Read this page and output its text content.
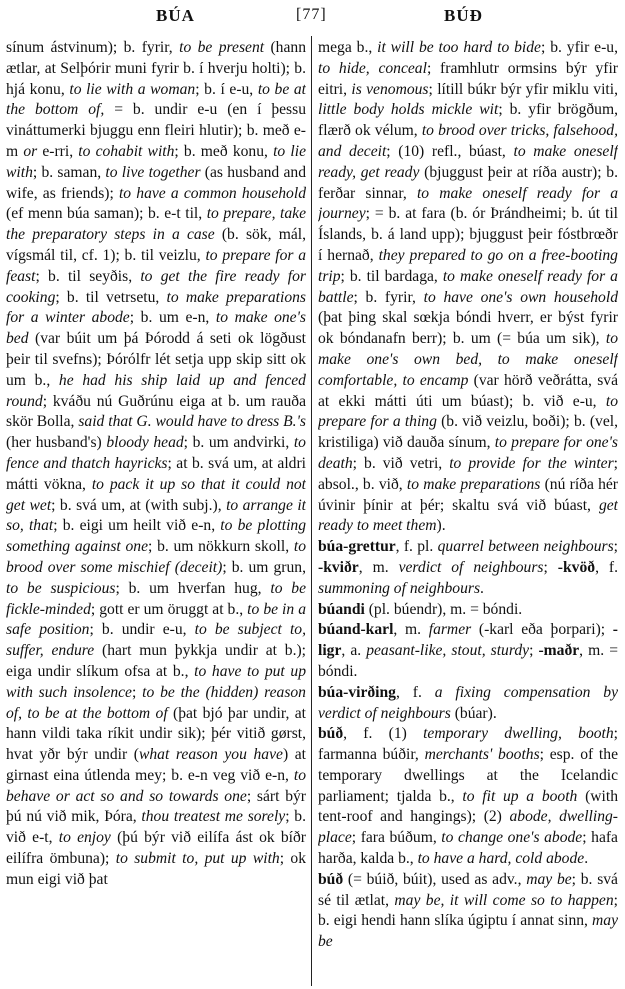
BÚA	[77]	BÚÐ

sínum ástvinum); b. fyrir, to be present (hann ætlar, at Selþórir muni fyrir b. í hverju holti); b. hjá konu, to lie with a woman; b. í e-u, to be at the bottom of, = b. undir e-u (en í þessu vináttumerki bjuggu enn fleiri hlutir); b. með e-m or e-rri, to cohabit with; b. með konu, to lie with; b. saman, to live together (as husband and wife, as friends); to have a common household (ef menn búa saman); b. e-t til, to prepare, take the preparatory steps in a case (b. sök, mál, vígsmál til, cf. 1); b. til veizlu, to prepare for a feast; b. til seyðis, to get the fire ready for cooking; b. til vetrsetu, to make preparations for a winter abode; b. um e-n, to make one's bed (var búit um þá Þórodd á seti ok lögðust þeir til svefns); Þórólfr lét setja upp skip sitt ok um b., he had his ship laid up and fenced round; kváðu nú Guðrúnu eiga at b. um rauða skör Bolla, said that G. would have to dress B.'s (her husband's) bloody head; b. um andvirki, to fence and thatch hayricks; at b. svá um, at aldri mátti vökna, to pack it up so that it could not get wet; b. svá um, at (with subj.), to arrange it so, that; b. eigi um heilt við e-n, to be plotting something against one; b. um nökkurn skoll, to brood over some mischief (deceit); b. um grun, to be suspicious; b. um hverfan hug, to be fickle-minded; gott er um öruggt at b., to be in a safe position; b. undir e-u, to be subject to, suffer, endure (hart mun þykkja undir at b.); eiga undir slíkum ofsa at b., to have to put up with such insolence; to be the (hidden) reason of, to be at the bottom of (þat bjó þar undir, at hann vildi taka ríkit undir sik); þér vitið gørst, hvat yðr býr undir (what reason you have) at girnast eina útlenda mey; b. e-n veg við e-n, to behave or act so and so towards one; sárt býr þú nú við mik, Þóra, thou treatest me sorely; b. við e-t, to enjoy (þú býr við eilífa ást ok bíðr eilífra ömbuna); to submit to, put up with; ok mun eigi við þat

mega b., it will be too hard to bide; b. yfir e-u, to hide, conceal; framhlutr ormsins býr yfir eitri, is venomous; lítill búkr býr yfir miklu viti, little body holds mickle wit; b. yfir brögðum, flærð ok vélum, to brood over tricks, falsehood, and deceit; (10) refl., búast, to make oneself ready, get ready (bjuggust þeir at ríða austr); b. ferðar sinnar, to make oneself ready for a journey; = b. at fara (b. ór Þrándheimi; b. út til Íslands, b. á land upp); bjuggust þeir fóstbrœðr í hernað, they prepared to go on a free-booting trip; b. til bardaga, to make oneself ready for a battle; b. fyrir, to have one's own household (þat þing skal sœkja bóndi hverr, er býst fyrir ok bóndanafn berr); b. um (= búa um sik), to make one's own bed, to make oneself comfortable, to encamp (var hörð veðrátta, svá at ekki mátti úti um búast); b. við e-u, to prepare for a thing (b. við veizlu, boði); b. (vel, kristiliga) við dauða sínum, to prepare for one's death; b. við vetri, to provide for the winter; absol., b. við, to make preparations (nú ríða hér úvinir þínir at þér; skaltu svá við búast, get ready to meet them).

búa-grettur, f. pl. quarrel between neighbours; -kviðr, m. verdict of neighbours; -kvöð, f. summoning of neighbours.

búandi (pl. búendr), m. = bóndi.

búand-karl, m. farmer (-karl eða þorpari); -ligr, a. peasant-like, stout, sturdy; -maðr, m. = bóndi.

búa-virðing, f. a fixing compensation by verdict of neighbours (búar).

búð, f. (1) temporary dwelling, booth; farmanna búðir, merchants' booths; esp. of the temporary dwellings at the Icelandic parliament; tjalda b., to fit up a booth (with tent-roof and hangings); (2) abode, dwelling-place; fara búðum, to change one's abode; hafa harða, kalda b., to have a hard, cold abode.

búð (= búið, búit), used as adv., may be; b. svá sé til ætlat, may be, it will come so to happen; b. eigi hendi hann slíka úgiptu í annat sinn, may be
